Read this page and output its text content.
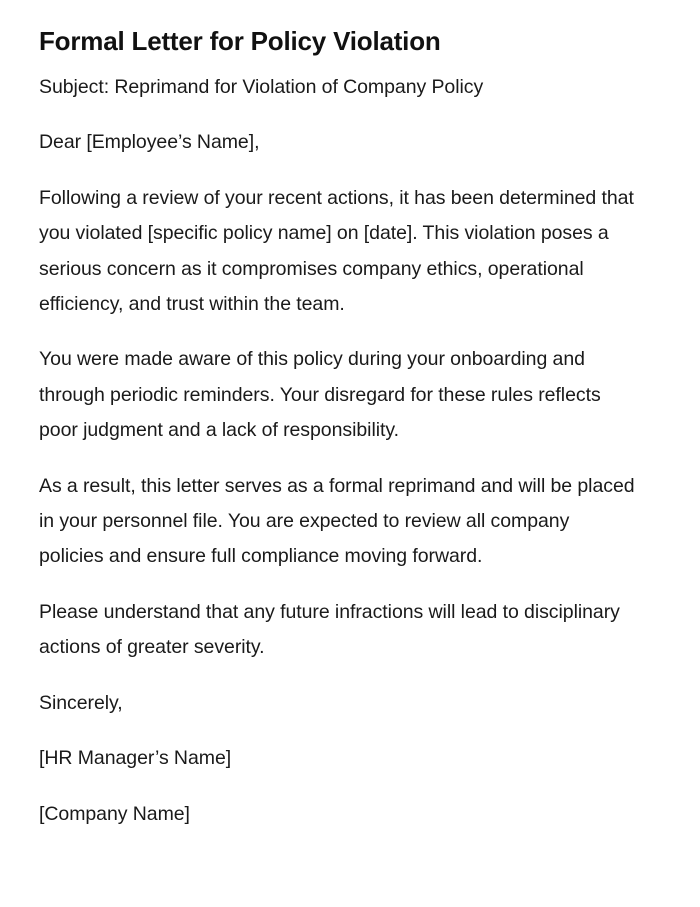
Formal Letter for Policy Violation

Subject: Reprimand for Violation of Company Policy

Dear [Employee’s Name],

Following a review of your recent actions, it has been determined that you violated [specific policy name] on [date]. This violation poses a serious concern as it compromises company ethics, operational efficiency, and trust within the team.

You were made aware of this policy during your onboarding and through periodic reminders. Your disregard for these rules reflects poor judgment and a lack of responsibility.

As a result, this letter serves as a formal reprimand and will be placed in your personnel file. You are expected to review all company policies and ensure full compliance moving forward.

Please understand that any future infractions will lead to disciplinary actions of greater severity.

Sincerely,

[HR Manager’s Name]

[Company Name]
